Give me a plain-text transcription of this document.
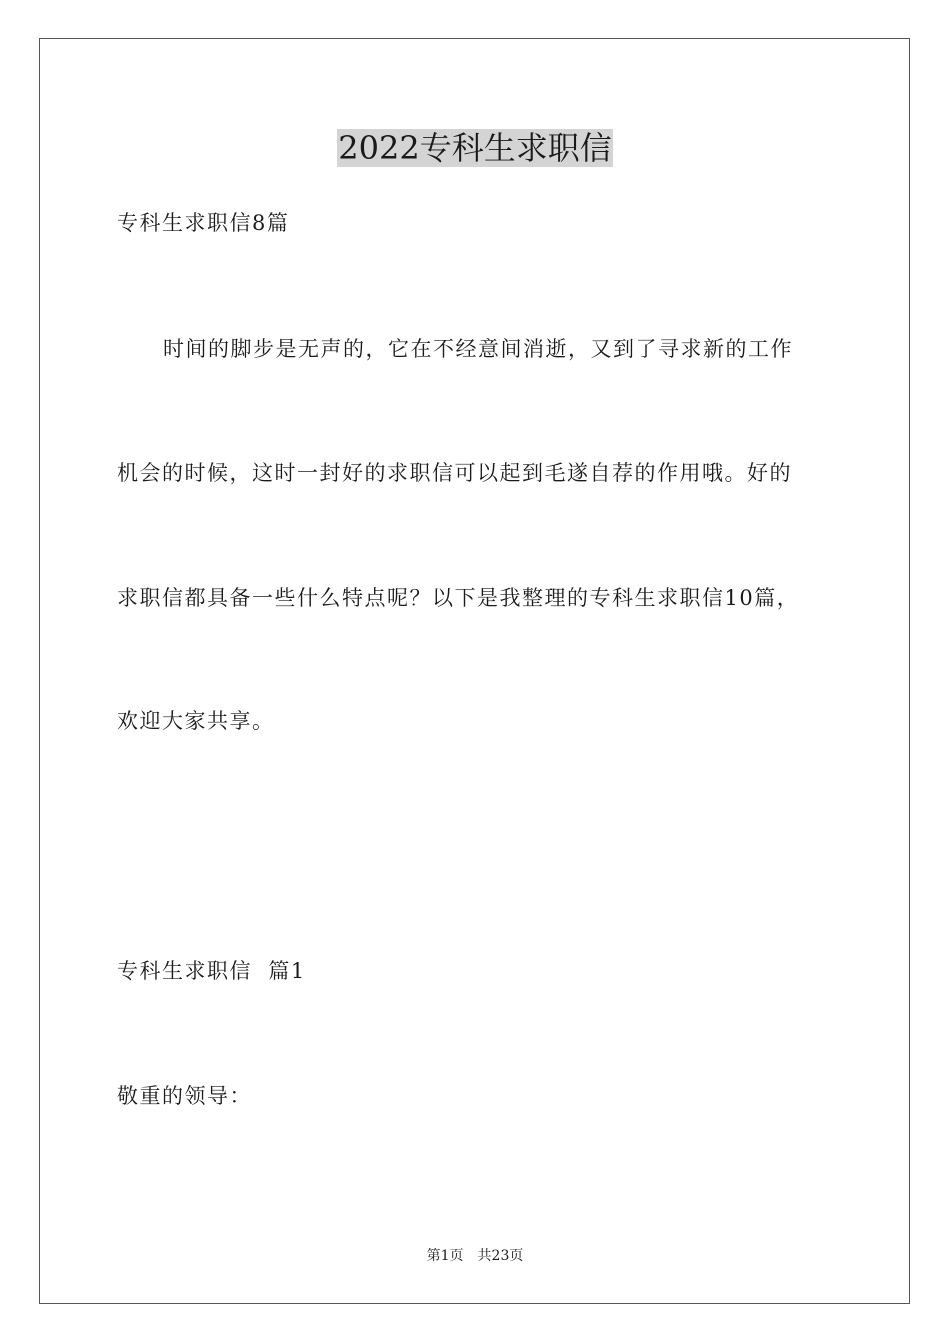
2022专科生求职信
专科生求职信8篇
时间的脚步是无声的，它在不经意间消逝，又到了寻求新的工作
机会的时候，这时一封好的求职信可以起到毛遂自荐的作用哦。好的
求职信都具备一些什么特点呢？以下是我整理的专科生求职信10篇，
欢迎大家共享。
专科生求职信  篇1
敬重的领导：
第1页 共23页
